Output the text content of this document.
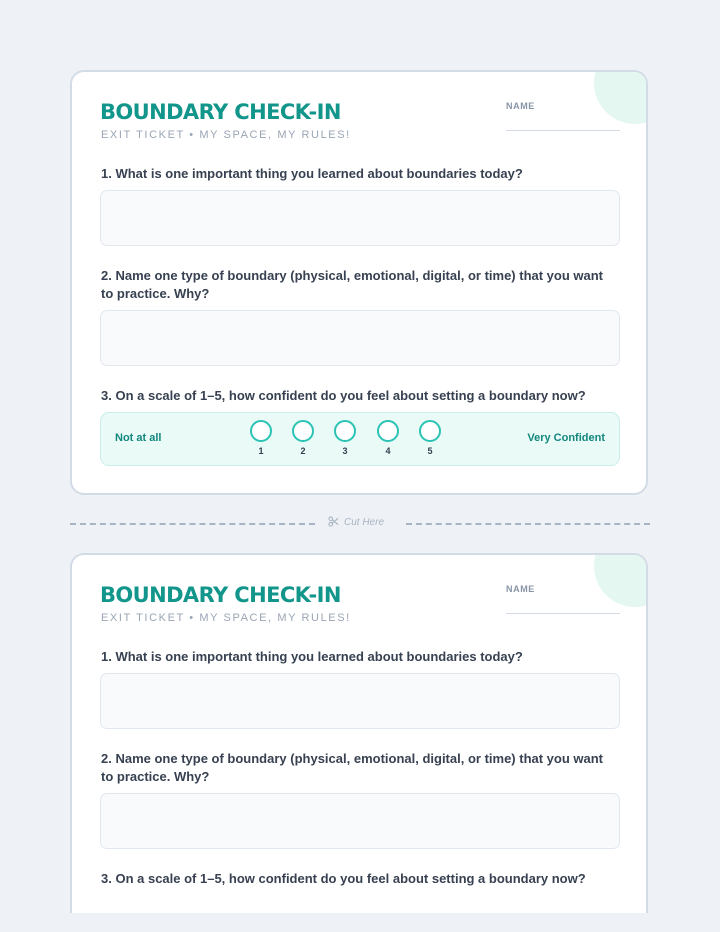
BOUNDARY CHECK-IN
EXIT TICKET • MY SPACE, MY RULES!
NAME

1. What is one important thing you learned about boundaries today?

2. Name one type of boundary (physical, emotional, digital, or time) that you want to practice. Why?

3. On a scale of 1–5, how confident do you feel about setting a boundary now?

Not at all
1	2	3	4	5
Very Confident
Cut Here
BOUNDARY CHECK-IN
EXIT TICKET • MY SPACE, MY RULES!
NAME

1. What is one important thing you learned about boundaries today?

2. Name one type of boundary (physical, emotional, digital, or time) that you want to practice. Why?

3. On a scale of 1–5, how confident do you feel about setting a boundary now?
